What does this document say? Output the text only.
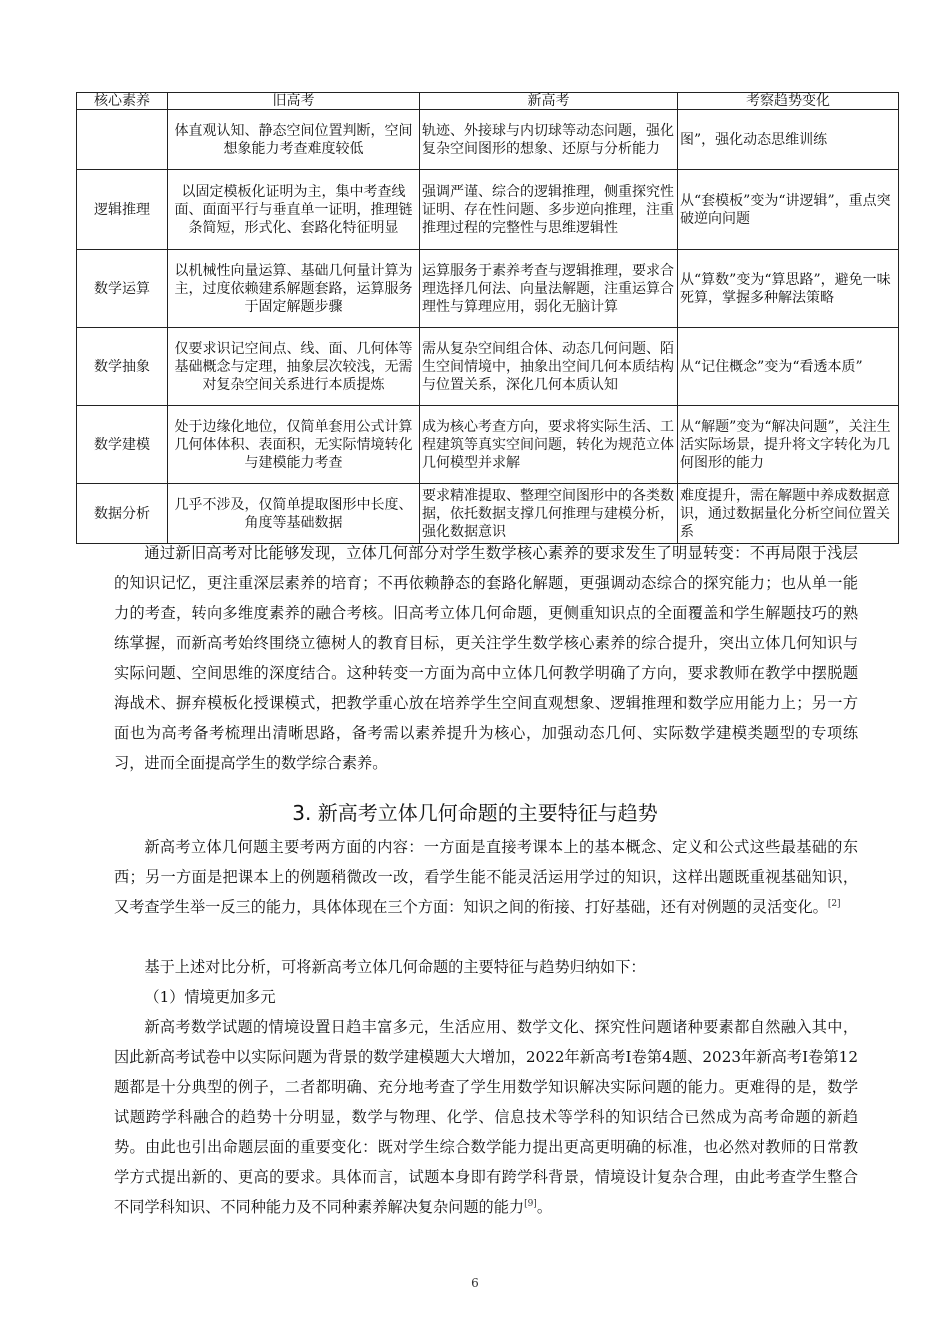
核心素养	旧高考	新高考	考察趋势变化
	体直观认知、静态空间位置判断，空间想象能力考查难度较低	轨迹、外接球与内切球等动态问题，强化复杂空间图形的想象、还原与分析能力	图”，强化动态思维训练
逻辑推理	以固定模板化证明为主，集中考查线面、面面平行与垂直单一证明，推理链条简短，形式化、套路化特征明显	强调严谨、综合的逻辑推理，侧重探究性证明、存在性问题、多步逆向推理，注重推理过程的完整性与思维逻辑性	从“套模板”变为“讲逻辑”，重点突破逆向问题
数学运算	以机械性向量运算、基础几何量计算为主，过度依赖建系解题套路，运算服务于固定解题步骤	运算服务于素养考查与逻辑推理，要求合理选择几何法、向量法解题，注重运算合理性与算理应用，弱化无脑计算	从“算数”变为“算思路”，避免一味死算，掌握多种解法策略
数学抽象	仅要求识记空间点、线、面、几何体等基础概念与定理，抽象层次较浅，无需对复杂空间关系进行本质提炼	需从复杂空间组合体、动态几何问题、陌生空间情境中，抽象出空间几何本质结构与位置关系，深化几何本质认知	从“记住概念”变为“看透本质”
数学建模	处于边缘化地位，仅简单套用公式计算几何体体积、表面积，无实际情境转化与建模能力考查	成为核心考查方向，要求将实际生活、工程建筑等真实空间问题，转化为规范立体几何模型并求解	从“解题”变为“解决问题”，关注生活实际场景，提升将文字转化为几何图形的能力
数据分析	几乎不涉及，仅简单提取图形中长度、角度等基础数据	要求精准提取、整理空间图形中的各类数据，依托数据支撑几何推理与建模分析，强化数据意识	难度提升，需在解题中养成数据意识，通过数据量化分析空间位置关系

通过新旧高考对比能够发现，立体几何部分对学生数学核心素养的要求发生了明显转变：不再局限于浅层的知识记忆，更注重深层素养的培育；不再依赖静态的套路化解题，更强调动态综合的探究能力；也从单一能力的考查，转向多维度素养的融合考核。旧高考立体几何命题，更侧重知识点的全面覆盖和学生解题技巧的熟练掌握，而新高考始终围绕立德树人的教育目标，更关注学生数学核心素养的综合提升，突出立体几何知识与实际问题、空间思维的深度结合。这种转变一方面为高中立体几何教学明确了方向，要求教师在教学中摆脱题海战术、摒弃模板化授课模式，把教学重心放在培养学生空间直观想象、逻辑推理和数学应用能力上；另一方面也为高考备考梳理出清晰思路，备考需以素养提升为核心，加强动态几何、实际数学建模类题型的专项练习，进而全面提高学生的数学综合素养。

3. 新高考立体几何命题的主要特征与趋势

新高考立体几何题主要考两方面的内容：一方面是直接考课本上的基本概念、定义和公式这些最基础的东西；另一方面是把课本上的例题稍微改一改，看学生能不能灵活运用学过的知识，这样出题既重视基础知识，又考查学生举一反三的能力，具体体现在三个方面：知识之间的衔接、打好基础，还有对例题的灵活变化。[2]

基于上述对比分析，可将新高考立体几何命题的主要特征与趋势归纳如下：

（1）情境更加多元

新高考数学试题的情境设置日趋丰富多元，生活应用、数学文化、探究性问题诸种要素都自然融入其中，因此新高考试卷中以实际问题为背景的数学建模题大大增加，2022年新高考Ⅰ卷第4题、2023年新高考Ⅰ卷第12题都是十分典型的例子，二者都明确、充分地考查了学生用数学知识解决实际问题的能力。更难得的是，数学试题跨学科融合的趋势十分明显，数学与物理、化学、信息技术等学科的知识结合已然成为高考命题的新趋势。由此也引出命题层面的重要变化：既对学生综合数学能力提出更高更明确的标准，也必然对教师的日常教学方式提出新的、更高的要求。具体而言，试题本身即有跨学科背景，情境设计复杂合理，由此考查学生整合不同学科知识、不同种能力及不同种素养解决复杂问题的能力[9]。

6
